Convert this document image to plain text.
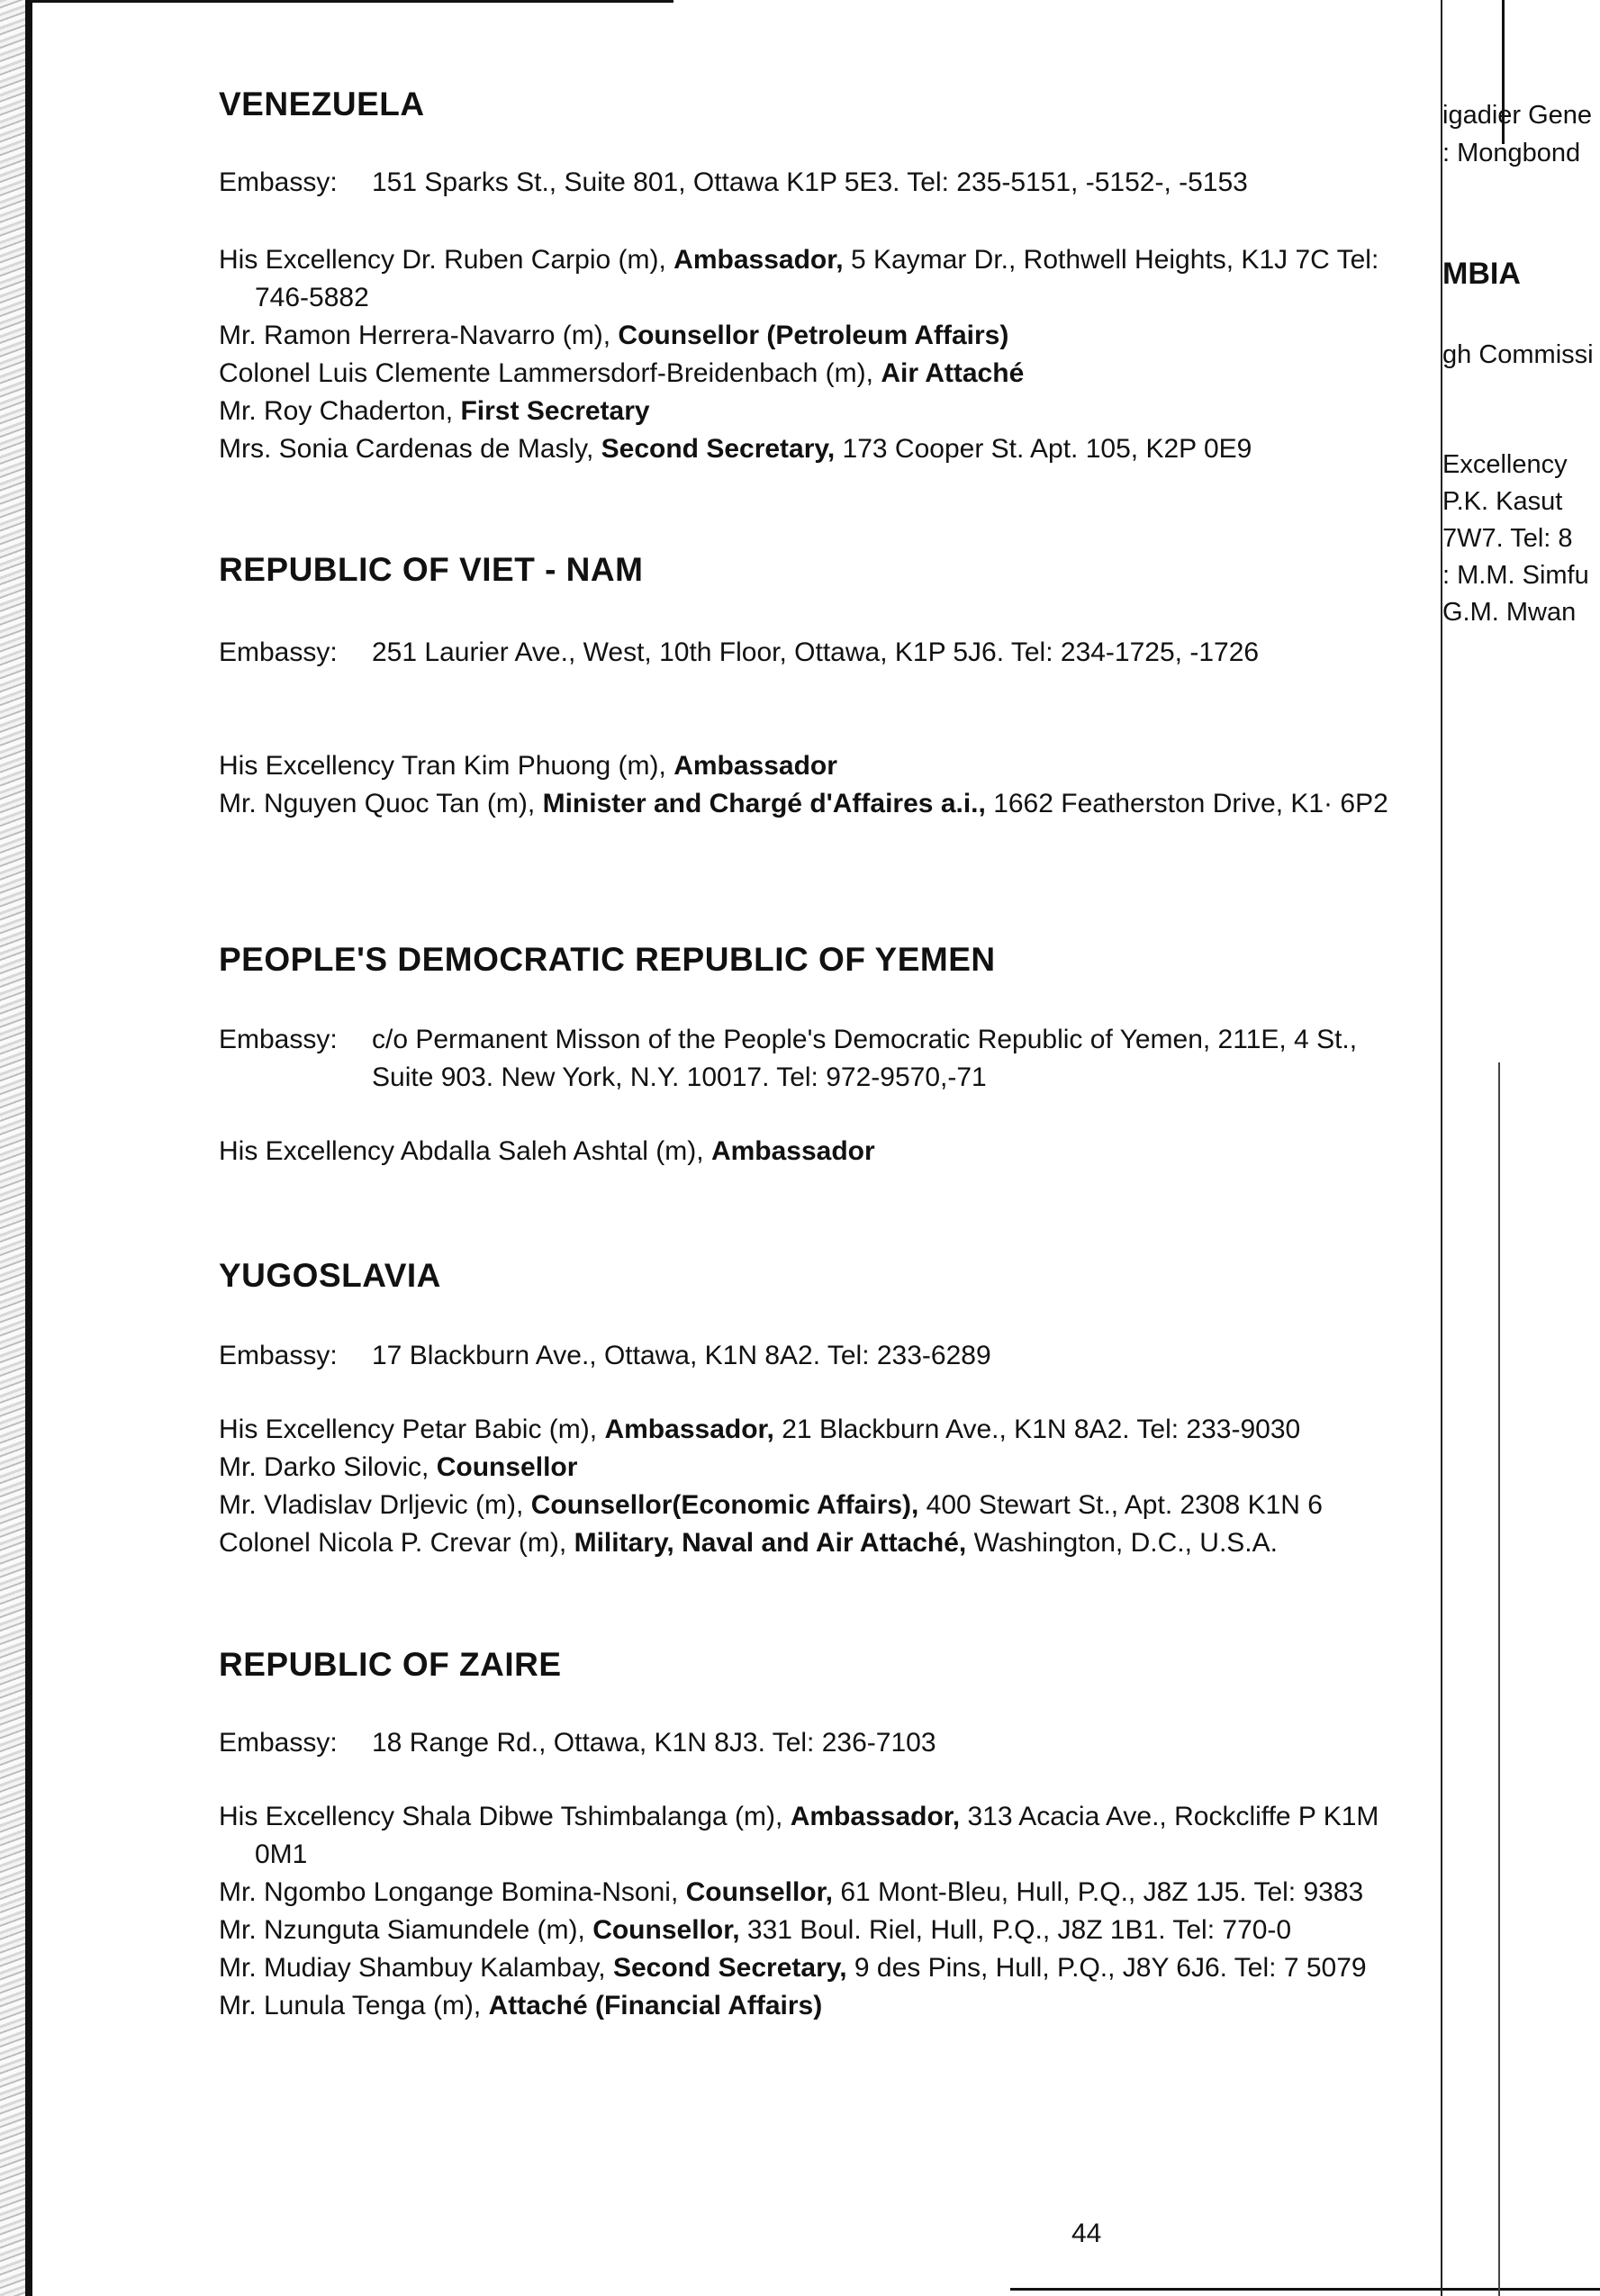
igadier Gene
: Mongbond
MBIA
gh Commissi
Excellency
P.K. Kasut
7W7. Tel: 8
: M.M. Simfu
G.M. Mwan
VENEZUELA
Embassy:	151 Sparks St., Suite 801, Ottawa K1P 5E3. Tel: 235-5151, -5152-, -5153

His Excellency Dr. Ruben Carpio (m), Ambassador, 5 Kaymar Dr., Rothwell Heights, K1J 7C Tel: 746-5882

Mr. Ramon Herrera-Navarro (m), Counsellor (Petroleum Affairs)

Colonel Luis Clemente Lammersdorf-Breidenbach (m), Air Attaché

Mr. Roy Chaderton, First Secretary

Mrs. Sonia Cardenas de Masly, Second Secretary, 173 Cooper St. Apt. 105, K2P 0E9

REPUBLIC OF VIET - NAM
Embassy:	251 Laurier Ave., West, 10th Floor, Ottawa, K1P 5J6. Tel: 234-1725, -1726

His Excellency Tran Kim Phuong (m), Ambassador

Mr. Nguyen Quoc Tan (m), Minister and Chargé d'Affaires a.i., 1662 Featherston Drive, K1· 6P2

PEOPLE'S DEMOCRATIC REPUBLIC OF YEMEN
Embassy:	c/o Permanent Misson of the People's Democratic Republic of Yemen, 211E, 4 St., Suite 903. New York, N.Y. 10017. Tel: 972-9570,-71

His Excellency Abdalla Saleh Ashtal (m), Ambassador

YUGOSLAVIA
Embassy:	17 Blackburn Ave., Ottawa, K1N 8A2. Tel: 233-6289

His Excellency Petar Babic (m), Ambassador, 21 Blackburn Ave., K1N 8A2. Tel: 233-9030

Mr. Darko Silovic, Counsellor

Mr. Vladislav Drljevic (m), Counsellor(Economic Affairs), 400 Stewart St., Apt. 2308 K1N 6

Colonel Nicola P. Crevar (m), Military, Naval and Air Attaché, Washington, D.C., U.S.A.

REPUBLIC OF ZAIRE
Embassy:	18 Range Rd., Ottawa, K1N 8J3. Tel: 236-7103

His Excellency Shala Dibwe Tshimbalanga (m), Ambassador, 313 Acacia Ave., Rockcliffe P K1M 0M1

Mr. Ngombo Longange Bomina-Nsoni, Counsellor, 61 Mont-Bleu, Hull, P.Q., J8Z 1J5. Tel: 9383

Mr. Nzunguta Siamundele (m), Counsellor, 331 Boul. Riel, Hull, P.Q., J8Z 1B1. Tel: 770-0

Mr. Mudiay Shambuy Kalambay, Second Secretary, 9 des Pins, Hull, P.Q., J8Y 6J6. Tel: 7 5079

Mr. Lunula Tenga (m), Attaché (Financial Affairs)

44
